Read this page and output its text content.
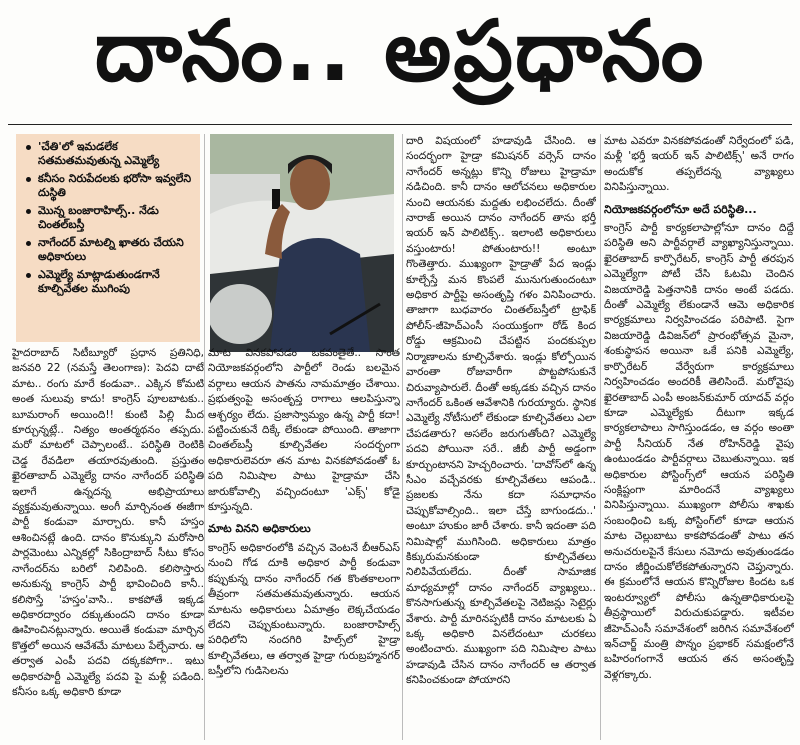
దానం.. అప్రధానం
'చేతి'లో ఇమడలేక సతమతమవుతున్న ఎమ్మెల్యే
కనీసం నిరుపేదలకు భరోసా ఇవ్వలేని దుస్థితి
మొన్న బంజారాహిల్స్.. నేడు చింతల్‌బస్తీ
నాగేందర్ మాటల్ని ఖాతరు చేయని అధికారులు
ఎమ్మెల్యే మాట్లాడుతుండగానే కూల్చివేతల ముగింపు

హైదరాబాద్ సిటీబ్యూరో ప్రధాన ప్రతినిధి, జనవరి 22 (నమస్తే తెలంగాణ): పెదవి దాటే మాట.. రంగు మారే కండువా.. ఎక్కిన కోమటి అంత సులువు కాదు! కాంగ్రెస్ పూలబాటకు.. బూమరాంగ్ అయింది!! కుంటి పిల్లి మీద కూర్చున్నట్లే.. నిత్యం అంతర్మథనం తప్పదు. మరో మాటలో చెప్పాలంటే.. పరిస్థితి రెంటికి చెడ్డ రేవడిలా తయారవుతుంది. ప్రస్తుతం ఖైరతాబాద్ ఎమ్మెల్యే దానం నాగేందర్ పరిస్థితి ఇలాగే ఉన్నదన్న అభిప్రాయాలు వ్యక్తమవుతున్నాయి. అంగీ మార్చినంత ఈజీగా పార్టీ కండువా మార్చారు. కానీ హస్తం ఆశించినట్లే ఉంది. దానం కొనుక్కుని మరోసారి పార్లమెంటు ఎన్నికల్లో సికింద్రాబాద్ సీటు కోసం నాగేందర్‌ను బరిలో నిలిపింది. కలిసొస్తారు అనుకున్న కాంగ్రెస్ పార్టీ భావించింది కానీ.. కలిసొస్తే 'హస్తం'వాసి.. కాకపోతే ఇక్కడ అధికారద్వారం దక్కుతుందని దానం కూడా ఊహించినట్లున్నారు. అయితే కండువా మార్చిన కొత్తలో అయిన ఆవేశమే మాటలు పేల్చేవారు. ఆ తర్వాత ఎంపీ పదవి దక్కకపోగా.. ఇటు అధికారపార్టీ ఎమ్మెల్యే పదవి పై మళ్లీ పడింది. కనీసం ఒక్క అధికారి కూడా

మాట వినకపోవడం ఒకవంతైతే.. సొంత నియోజకవర్గంలోని పార్టీలో రెండు బలమైన వర్గాలు ఆయన పాతను నామమాత్రం చేశాయి. ప్రభుత్వంపై అసంతృప్త రాగాలు ఆలపిస్తున్నా ఆశ్చర్యం లేదు. ప్రజాస్వామ్యం ఉన్న పార్టీ కదా! పట్టించుకునే దిక్కే లేకుండా పోయింది. తాజాగా చింతల్‌బస్తీ కూల్చివేతల సందర్భంగా అధికారులెవరూ తన మాట వినకపోవడంతో ఓ పది నిమిషాల పాటు హైడ్రామా చేసి జారుకోవాల్సి వచ్చిందంటూ 'ఎక్స్' కోడై కూస్తున్నది.

మాట వినని అధికారులు

కాంగ్రెస్ అధికారంలోకి వచ్చిన వెంటనే బీఆర్ఎస్ నుంచి గోడ దూకి అధికార పార్టీ కండువా కప్పుకున్న దానం నాగేందర్ గత కొంతకాలంగా తీవ్రంగా సతమతమవుతున్నారు. ఆయన మాటను అధికారులు ఏమాత్రం లెక్కచేయడం లేదని చెప్పుకుంటున్నారు. బంజారాహిల్స్ పరిధిలోని నందగిరి హిల్స్‌లో హైడ్రా కూల్చివేతలు, ఆ తర్వాత హైడ్రా గురుబ్రహ్మనగర్ బస్తీలోని గుడిసెలను

దారి విషయంలో హడావుడి చేసింది. ఆ సందర్భంగా హైడ్రా కమిషనర్ వర్సెస్ దానం నాగేందర్ అన్నట్లు కొన్ని రోజులు హైడ్రామా నడిచింది. కానీ దానం ఆలోచనలు అధికారుల నుంచి ఆయనకు మద్దతు లభించలేదు. దీంతో నారాజ్ అయిన దానం నాగేందర్ తాను భర్తీ ఇయర్ ఇన్ పాలిటిక్స్.. ఇలాంటి అధికారులు వస్తుంటారు! పోతుంటారు!! అంటూ గొంతెత్తారు. ముఖ్యంగా హైడ్రాతో పేద ఇండ్లు కూల్చేస్తే మన కొంపలే మునుగుతుందంటూ అధికార పార్టీపై అసంతృప్తి గళం వినిపించారు. తాజాగా బుధవారం చింతల్‌బస్తీలో ట్రాఫిక్ పోలీస్-జీహెచ్ఎంసీ సంయుక్తంగా రోడ్ కింద రోడ్డు ఆక్రమించి చేపట్టిన పందకుప్పల నిర్మాణాలను కూల్చివేశారు. ఇండ్లు కోల్పోయిన వారంతా రోజువారీగా పొట్టపోసుకునే చిరువ్యాపారులే. దీంతో అక్కడకు వచ్చిన దానం నాగేందర్ ఒకింత ఆవేశానికి గురయ్యారు. స్థానిక ఎమ్మెల్యే నోటీసులో లేకుండా కూల్చివేతలు ఎలా చేపడతారు? అసలేం జరుగుతోంది? ఎమ్మెల్యే పదవి పోయినా సరే.. జీబీ పార్టీ అడ్డంగా కూర్చుంటానని హెచ్చరించారు. 'దావోస్‌లో ఉన్న సీఎం వచ్చేవరకు కూల్చివేతలు ఆపండి.. ప్రజలకు నేను కదా సమాధానం చెప్పుకోవాల్సింది.. ఇలా చేస్తే బాగుండదు..' అంటూ హుకుం జారీ చేశారు. కానీ ఇదంతా పది నిమిషాల్లో ముగిసింది. అధికారులు మాత్రం కిక్కురుమనకుండా కూల్చివేతలు నిలిపివేయలేదు. దీంతో సామాజిక మాధ్యమాల్లో దానం నాగేందర్ వ్యాఖ్యలు.. కొనసాగుతున్న కూల్చివేతలపై నెటిజన్లు సెటైర్లు వేశారు. పార్టీ మారినప్పటికీ దానం మాటలకు ఏ ఒక్క అధికారి వినలేదంటూ చురకలు అంటించారు. ముఖ్యంగా పది నిమిషాల పాటు హడావుడి చేసిన దానం నాగేందర్ ఆ తర్వాత కనిపించకుండా పోయారని

మాట ఎవరూ వినకపోవడంతో నిర్వేదంలో పడి, మళ్లీ 'భర్తీ ఇయర్ ఇన్ పాలిటిక్స్' అనే రాగం అందుకోక తప్పలేదన్న వ్యాఖ్యలు వినిపిస్తున్నాయి.

నియోజకవర్గంలోనూ అదే పరిస్థితి...

కాంగ్రెస్ పార్టీ కార్యకలాపాల్లోనూ దానం దిద్దే పరిస్థితి అని పార్టీవర్గాలే వ్యాఖ్యానిస్తున్నాయి. ఖైరతాబాద్ కార్పొరేటర్, కాంగ్రెస్ పార్టీ తరపున ఎమ్మెల్యేగా పోటీ చేసి ఓటమి చెందిన విజయారెడ్డి పెత్తనానికి దానం అంటే పడదు. దీంతో ఎమ్మెల్యే లేకుండానే ఆమె అధికారిక కార్యక్రమాలు నిర్వహించడం పరిపాటి. సైగా విజయారెడ్డి డివిజన్‌లో ప్రారంభోత్సవ మైనా, శంకుస్థాపన అయినా ఒకే పనికి ఎమ్మెల్యే, కార్పొరేటర్ వేర్వేరుగా కార్యక్రమాలు నిర్వహించడం అందరికీ తెలిసిందే. మరోవైపు ఖైరతాబాద్ ఎంపీ అంజన్‌కుమార్ యాదవ్ వర్గం కూడా ఎమ్మెల్యేకు దీటుగా ఇక్కడ కార్యకలాపాలు సాగిస్తుండడం, ఆ వర్గం అంతా పార్టీ సీనియర్ నేత రోహిన్‌రెడ్డి వైపు ఉంటుండడం పార్టీవర్గాలు చెబుతున్నాయి. ఇక అధికారుల పోస్టింగ్స్‌లో ఆయన పరిస్థితి సంక్లిష్టంగా మారిందనే వ్యాఖ్యలు వినిపిస్తున్నాయి. ముఖ్యంగా పోలీసు శాఖకు సంబంధించి ఒక్క పోస్టింగ్‌లో కూడా ఆయన మాట చెల్లుబాటు కాకపోవడంతో పాటు తన అనుచరులపైనే కేసులు నమోదు అవుతుండడం దానం జీర్ణించుకోలేకపోతున్నారని చెప్తున్నారు. ఈ క్రమంలోనే ఆయన కొన్నిరోజుల కిందట ఒక ఇంటర్వ్యూలో పోలీసు ఉన్నతాధికారులపై తీవ్రస్థాయిలో విరుచుకుపడ్డారు. ఇటీవల జీహెచ్ఎంసీ సమావేశంలో జరిగిన సమావేశంలో ఇన్‌చార్జ్ మంత్రి పొన్నం ప్రభాకర్ సమక్షంలోనే బహిరంగంగానే ఆయన తన అసంతృప్తి వెళ్లగక్కారు.
